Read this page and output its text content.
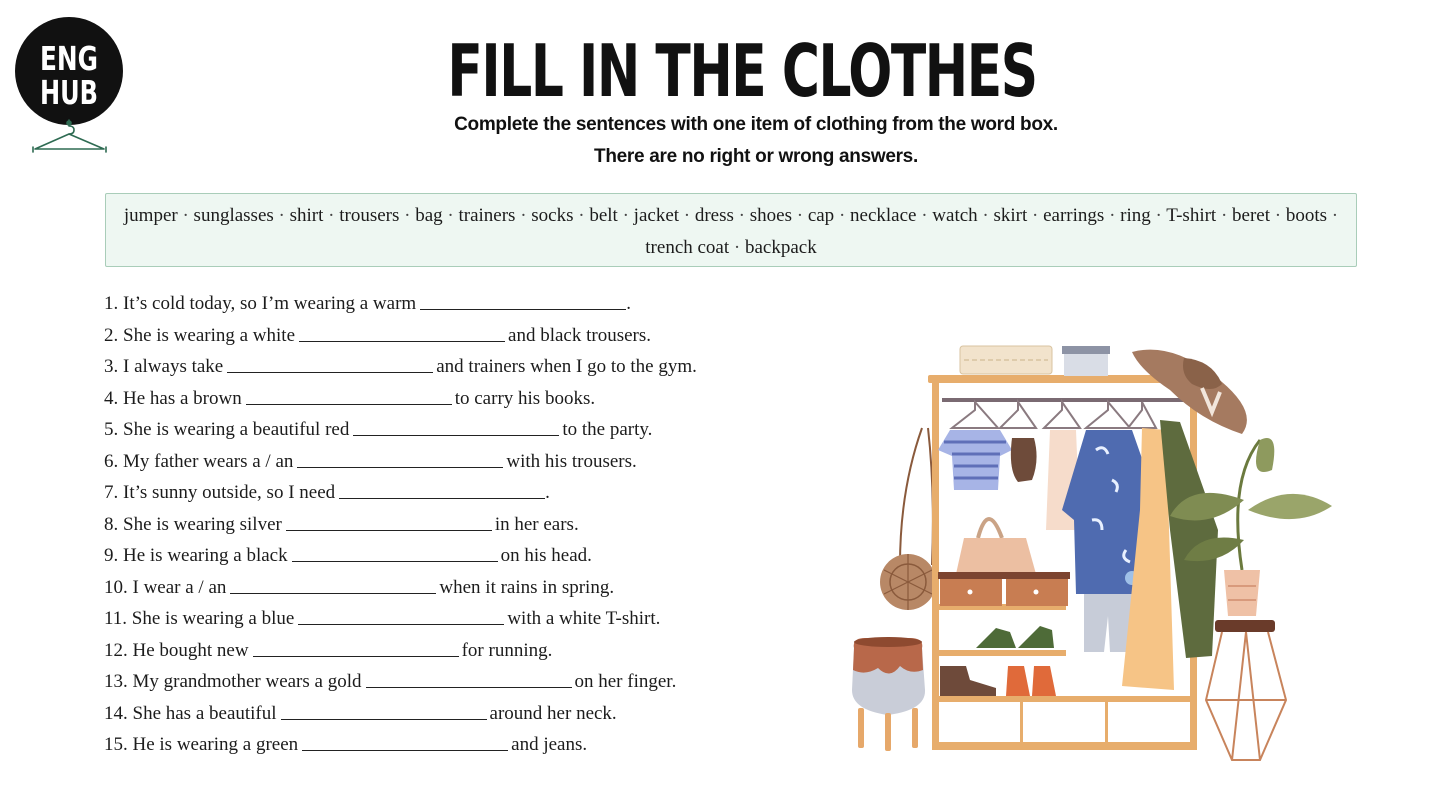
ENG
HUB	FILL IN THE CLOTHES

Complete the sentences with one item of clothing from the word box.

There are no right or wrong answers.

jumper · sunglasses · shirt · trousers · bag · trainers · socks · belt · jacket · dress · shoes · cap · necklace · watch · skirt · earrings · ring · T-shirt · beret · boots · trench coat · backpack
1. It’s cold today, so I’m wearing a warm	.
2. She is wearing a white	and black trousers.
3. I always take	and trainers when I go to the gym.
4. He has a brown	to carry his books.
5. She is wearing a beautiful red	to the party.
6. My father wears a / an	with his trousers.
7. It’s sunny outside, so I need	.
8. She is wearing silver	in her ears.
9. He is wearing a black	on his head.
10. I wear a / an	when it rains in spring.
11. She is wearing a blue	with a white T-shirt.
12. He bought new	for running.
13. My grandmother wears a gold	on her finger.
14. She has a beautiful	around her neck.
15. He is wearing a green	and jeans.
